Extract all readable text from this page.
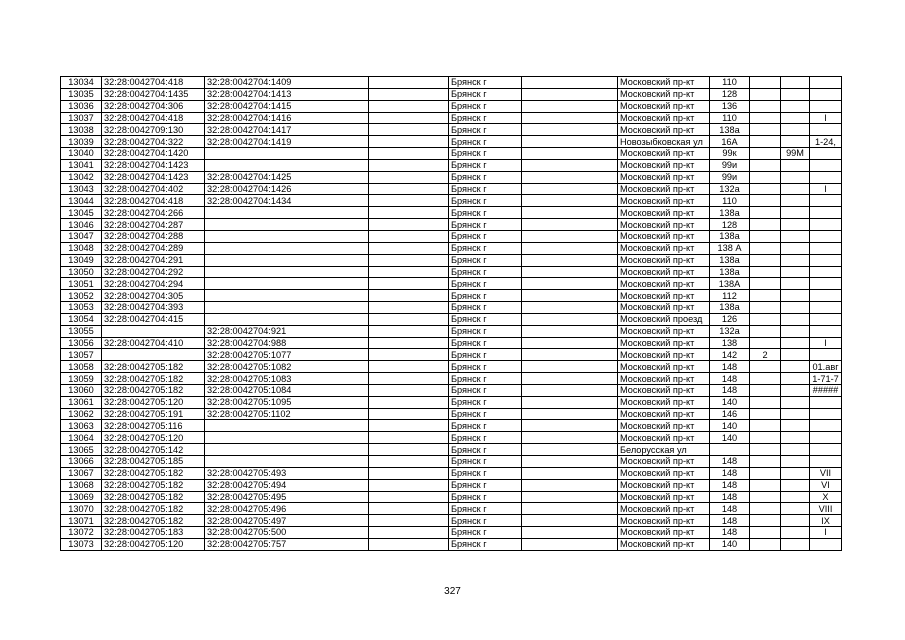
13034	32:28:0042704:418	32:28:0042704:1409		Брянск г		Московский пр-кт	110			
13035	32:28:0042704:1435	32:28:0042704:1413		Брянск г		Московский пр-кт	128			
13036	32:28:0042704:306	32:28:0042704:1415		Брянск г		Московский пр-кт	136			
13037	32:28:0042704:418	32:28:0042704:1416		Брянск г		Московский пр-кт	110			I
13038	32:28:0042709:130	32:28:0042704:1417		Брянск г		Московский пр-кт	138а			
13039	32:28:0042704:322	32:28:0042704:1419		Брянск г		Новозыбковская ул	16А			1-24,
13040	32:28:0042704:1420			Брянск г		Московский пр-кт	99к		99М	
13041	32:28:0042704:1423			Брянск г		Московский пр-кт	99и			
13042	32:28:0042704:1423	32:28:0042704:1425		Брянск г		Московский пр-кт	99и			
13043	32:28:0042704:402	32:28:0042704:1426		Брянск г		Московский пр-кт	132а			I
13044	32:28:0042704:418	32:28:0042704:1434		Брянск г		Московский пр-кт	110			
13045	32:28:0042704:266			Брянск г		Московский пр-кт	138а			
13046	32:28:0042704:287			Брянск г		Московский пр-кт	128			
13047	32:28:0042704:288			Брянск г		Московский пр-кт	138а			
13048	32:28:0042704:289			Брянск г		Московский пр-кт	138 А			
13049	32:28:0042704:291			Брянск г		Московский пр-кт	138а			
13050	32:28:0042704:292			Брянск г		Московский пр-кт	138а			
13051	32:28:0042704:294			Брянск г		Московский пр-кт	138А			
13052	32:28:0042704:305			Брянск г		Московский пр-кт	112			
13053	32:28:0042704:393			Брянск г		Московский пр-кт	138а			
13054	32:28:0042704:415			Брянск г		Московский проезд	126			
13055		32:28:0042704:921		Брянск г		Московский пр-кт	132а			
13056	32:28:0042704:410	32:28:0042704:988		Брянск г		Московский пр-кт	138			I
13057		32:28:0042705:1077		Брянск г		Московский пр-кт	142	2		
13058	32:28:0042705:182	32:28:0042705:1082		Брянск г		Московский пр-кт	148			01.авг
13059	32:28:0042705:182	32:28:0042705:1083		Брянск г		Московский пр-кт	148			1-71-7
13060	32:28:0042705:182	32:28:0042705:1084		Брянск г		Московский пр-кт	148			#####
13061	32:28:0042705:120	32:28:0042705:1095		Брянск г		Московский пр-кт	140			
13062	32:28:0042705:191	32:28:0042705:1102		Брянск г		Московский пр-кт	146			
13063	32:28:0042705:116			Брянск г		Московский пр-кт	140			
13064	32:28:0042705:120			Брянск г		Московский пр-кт	140			
13065	32:28:0042705:142			Брянск г		Белорусская ул				
13066	32:28:0042705:185			Брянск г		Московский пр-кт	148			
13067	32:28:0042705:182	32:28:0042705:493		Брянск г		Московский пр-кт	148			VII
13068	32:28:0042705:182	32:28:0042705:494		Брянск г		Московский пр-кт	148			VI
13069	32:28:0042705:182	32:28:0042705:495		Брянск г		Московский пр-кт	148			X
13070	32:28:0042705:182	32:28:0042705:496		Брянск г		Московский пр-кт	148			VIII
13071	32:28:0042705:182	32:28:0042705:497		Брянск г		Московский пр-кт	148			IX
13072	32:28:0042705:183	32:28:0042705:500		Брянск г		Московский пр-кт	148			I
13073	32:28:0042705:120	32:28:0042705:757		Брянск г		Московский пр-кт	140			
327
